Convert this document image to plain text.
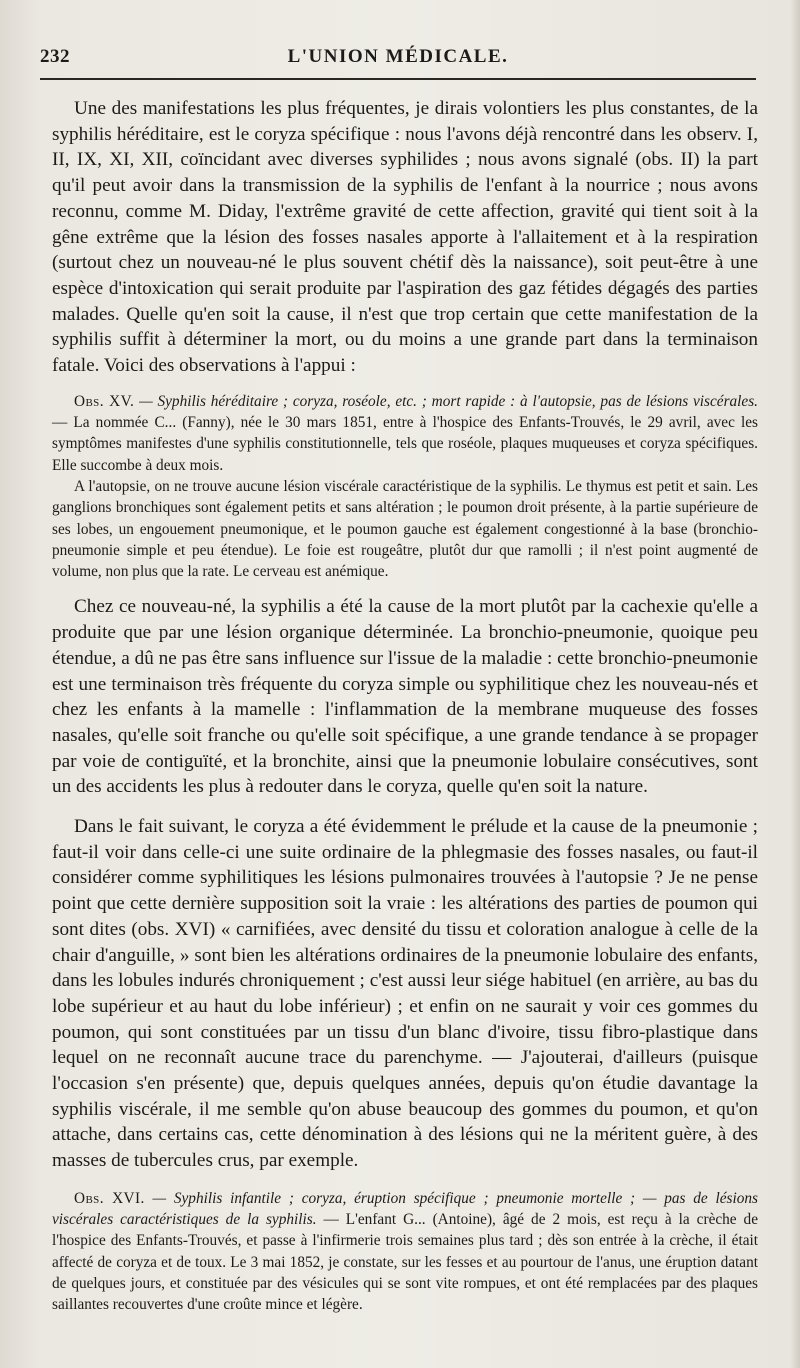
232	L'UNION MÉDICALE.

Une des manifestations les plus fréquentes, je dirais volontiers les plus constantes, de la syphilis héréditaire, est le coryza spécifique : nous l'avons déjà rencontré dans les observ. I, II, IX, XI, XII, coïncidant avec diverses syphilides ; nous avons signalé (obs. II) la part qu'il peut avoir dans la transmission de la syphilis de l'enfant à la nourrice ; nous avons reconnu, comme M. Diday, l'extrême gravité de cette affection, gravité qui tient soit à la gêne extrême que la lésion des fosses nasales apporte à l'allaitement et à la respiration (surtout chez un nouveau-né le plus souvent chétif dès la naissance), soit peut-être à une espèce d'intoxication qui serait produite par l'aspiration des gaz fétides dégagés des parties malades. Quelle qu'en soit la cause, il n'est que trop certain que cette manifestation de la syphilis suffit à déterminer la mort, ou du moins a une grande part dans la terminaison fatale. Voici des observations à l'appui :

Obs. XV. — Syphilis héréditaire ; coryza, roséole, etc. ; mort rapide : à l'autopsie, pas de lésions viscérales. — La nommée C... (Fanny), née le 30 mars 1851, entre à l'hospice des Enfants-Trouvés, le 29 avril, avec les symptômes manifestes d'une syphilis constitutionnelle, tels que roséole, plaques muqueuses et coryza spécifiques. Elle succombe à deux mois.

A l'autopsie, on ne trouve aucune lésion viscérale caractéristique de la syphilis. Le thymus est petit et sain. Les ganglions bronchiques sont également petits et sans altération ; le poumon droit présente, à la partie supérieure de ses lobes, un engouement pneumonique, et le poumon gauche est également congestionné à la base (bronchio-pneumonie simple et peu étendue). Le foie est rougeâtre, plutôt dur que ramolli ; il n'est point augmenté de volume, non plus que la rate. Le cerveau est anémique.

Chez ce nouveau-né, la syphilis a été la cause de la mort plutôt par la cachexie qu'elle a produite que par une lésion organique déterminée. La bronchio-pneumonie, quoique peu étendue, a dû ne pas être sans influence sur l'issue de la maladie : cette bronchio-pneumonie est une terminaison très fréquente du coryza simple ou syphilitique chez les nouveau-nés et chez les enfants à la mamelle : l'inflammation de la membrane muqueuse des fosses nasales, qu'elle soit franche ou qu'elle soit spécifique, a une grande tendance à se propager par voie de contiguïté, et la bronchite, ainsi que la pneumonie lobulaire consécutives, sont un des accidents les plus à redouter dans le coryza, quelle qu'en soit la nature.

Dans le fait suivant, le coryza a été évidemment le prélude et la cause de la pneumonie ; faut-il voir dans celle-ci une suite ordinaire de la phlegmasie des fosses nasales, ou faut-il considérer comme syphilitiques les lésions pulmonaires trouvées à l'autopsie ? Je ne pense point que cette dernière supposition soit la vraie : les altérations des parties de poumon qui sont dites (obs. XVI) « carnifiées, avec densité du tissu et coloration analogue à celle de la chair d'anguille, » sont bien les altérations ordinaires de la pneumonie lobulaire des enfants, dans les lobules indurés chroniquement ; c'est aussi leur siége habituel (en arrière, au bas du lobe supérieur et au haut du lobe inférieur) ; et enfin on ne saurait y voir ces gommes du poumon, qui sont constituées par un tissu d'un blanc d'ivoire, tissu fibro-plastique dans lequel on ne reconnaît aucune trace du parenchyme. — J'ajouterai, d'ailleurs (puisque l'occasion s'en présente) que, depuis quelques années, depuis qu'on étudie davantage la syphilis viscérale, il me semble qu'on abuse beaucoup des gommes du poumon, et qu'on attache, dans certains cas, cette dénomination à des lésions qui ne la méritent guère, à des masses de tubercules crus, par exemple.

Obs. XVI. — Syphilis infantile ; coryza, éruption spécifique ; pneumonie mortelle ; — pas de lésions viscérales caractéristiques de la syphilis. — L'enfant G... (Antoine), âgé de 2 mois, est reçu à la crèche de l'hospice des Enfants-Trouvés, et passe à l'infirmerie trois semaines plus tard ; dès son entrée à la crèche, il était affecté de coryza et de toux. Le 3 mai 1852, je constate, sur les fesses et au pourtour de l'anus, une éruption datant de quelques jours, et constituée par des vésicules qui se sont vite rompues, et ont été remplacées par des plaques saillantes recouvertes d'une croûte mince et légère.
